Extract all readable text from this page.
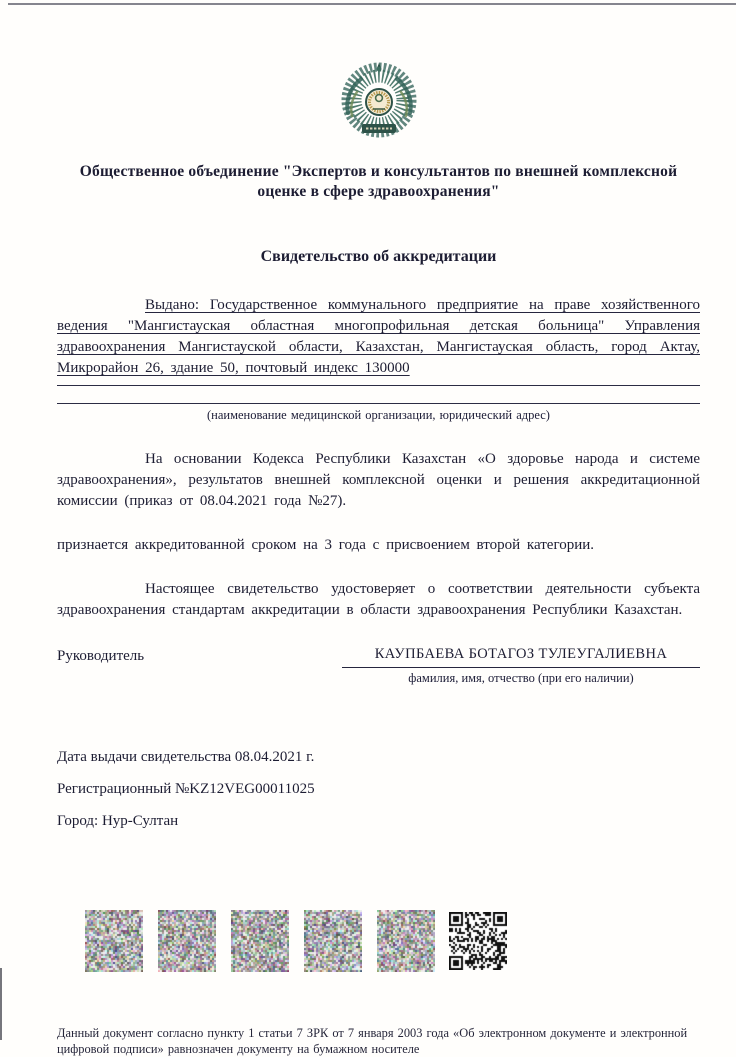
Общественное объединение "Экспертов и консультантов по внешней комплексной оценке в сфере здравоохранения"
Свидетельство об аккредитации

Выдано: Государственное коммунального предприятие на праве хозяйственного ведения "Мангистауская областная многопрофильная детская больница" Управления здравоохранения Мангистауской области, Казахстан, Мангистауская область, город Актау, Микрорайон 26, здание 50, почтовый индекс 130000

(наименование медицинской организации, юридический адрес)

На основании Кодекса Республики Казахстан «О здоровье народа и системе здравоохранения», результатов внешней комплексной оценки и решения аккредитационной комиссии (приказ от 08.04.2021 года №27).

признается аккредитованной сроком на 3 года с присвоением второй категории.

Настоящее свидетельство удостоверяет о соответствии деятельности субъекта здравоохранения стандартам аккредитации в области здравоохранения Республики Казахстан.

Руководитель	КАУПБАЕВА БОТАГОЗ ТУЛЕУГАЛИЕВНА
фамилия, имя, отчество (при его наличии)

Дата выдачи свидетельства 08.04.2021 г.

Регистрационный №KZ12VEG00011025

Город: Нур-Султан

Данный документ согласно пункту 1 статьи 7 ЗРК от 7 января 2003 года «Об электронном документе и электронной цифровой подписи» равнозначен документу на бумажном носителе
